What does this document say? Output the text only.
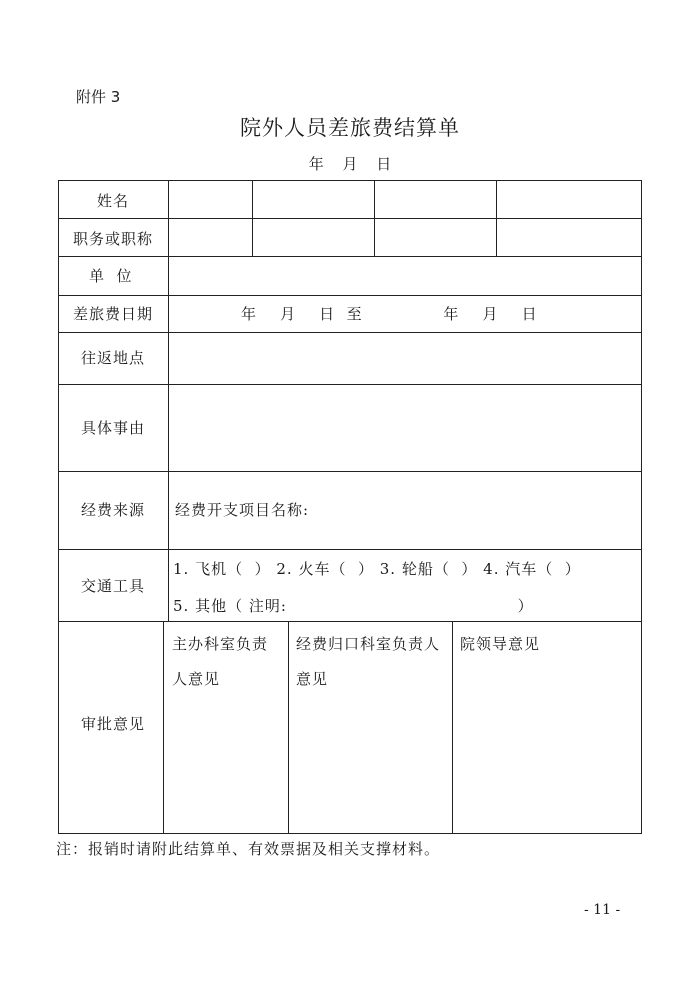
附件 3
院外人员差旅费结算单
年 月 日
姓名
职务或职称
单  位
差旅费日期	年    月    日  至              年    月    日
往返地点
具体事由
经费来源 经费开支项目名称:
交通工具
1. 飞机（  ） 2. 火车（  ） 3. 轮船（  ） 4. 汽车（  ）
5. 其他（ 注明:                                        ）
审批意见
主办科室负责
人意见
经费归口科室负责人
意见
院领导意见
注：报销时请附此结算单、有效票据及相关支撑材料。
- 11 -
